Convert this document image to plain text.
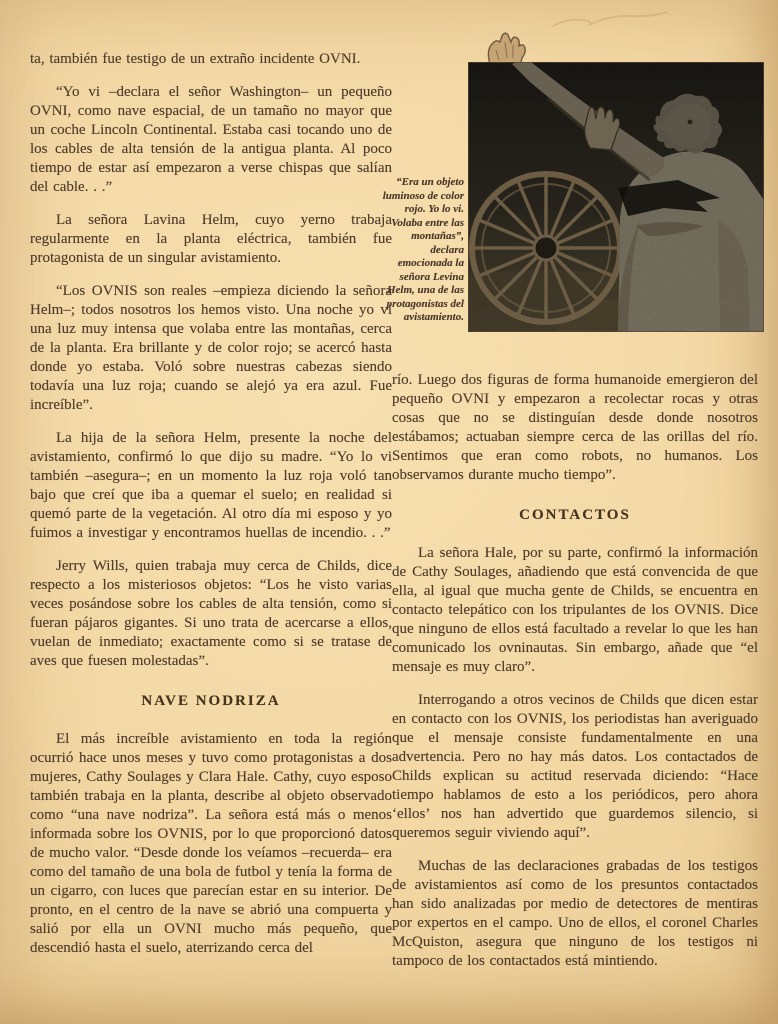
ta, también fue testigo de un extraño incidente OVNI.

“Yo vi –declara el señor Washington– un pequeño OVNI, como nave espacial, de un tamaño no mayor que un coche Lincoln Continental. Estaba casi tocando uno de los cables de alta tensión de la antigua planta. Al poco tiempo de estar así empezaron a verse chispas que salían del cable. . .”

La señora Lavina Helm, cuyo yerno trabaja regularmente en la planta eléctrica, también fue protagonista de un singular avistamiento.

“Los OVNIS son reales –empieza diciendo la señora Helm–; todos nosotros los hemos visto. Una noche yo vi una luz muy intensa que volaba entre las montañas, cerca de la planta. Era brillante y de color rojo; se acercó hasta donde yo estaba. Voló sobre nuestras cabezas siendo todavía una luz roja; cuando se alejó ya era azul. Fue increíble”.

La hija de la señora Helm, presente la noche del avistamiento, confirmó lo que dijo su madre. “Yo lo vi también –asegura–; en un momento la luz roja voló tan bajo que creí que iba a quemar el suelo; en realidad si quemó parte de la vegetación. Al otro día mi esposo y yo fuimos a investigar y encontramos huellas de incendio. . .”

Jerry Wills, quien trabaja muy cerca de Childs, dice respecto a los misteriosos objetos: “Los he visto varias veces posándose sobre los cables de alta tensión, como si fueran pájaros gigantes. Si uno trata de acercarse a ellos, vuelan de inmediato; exactamente como si se tratase de aves que fuesen molestadas”.

NAVE NODRIZA

El más increíble avistamiento en toda la región ocurrió hace unos meses y tuvo como protagonistas a dos mujeres, Cathy Soulages y Clara Hale. Cathy, cuyo esposo también trabaja en la planta, describe al objeto observado como “una nave nodriza”. La señora está más o menos informada sobre los OVNIS, por lo que proporcionó datos de mucho valor. “Desde donde los veíamos –recuerda– era como del tamaño de una bola de futbol y tenía la forma de un cigarro, con luces que parecían estar en su interior. De pronto, en el centro de la nave se abrió una compuerta y salió por ella un OVNI mucho más pequeño, que descendió hasta el suelo, aterrizando cerca del

“Era un objeto luminoso de color rojo. Yo lo vi. Volaba entre las montañas”, declara emocionada la señora Levina Helm, una de las protagonistas del avistamiento.

río. Luego dos figuras de forma humanoide emergieron del pequeño OVNI y empezaron a recolectar rocas y otras cosas que no se distinguían desde donde nosotros estábamos; actuaban siempre cerca de las orillas del río. Sentimos que eran como robots, no humanos. Los observamos durante mucho tiempo”.

CONTACTOS

La señora Hale, por su parte, confirmó la información de Cathy Soulages, añadiendo que está convencida de que ella, al igual que mucha gente de Childs, se encuentra en contacto telepático con los tripulantes de los OVNIS. Dice que ninguno de ellos está facultado a revelar lo que les han comunicado los ovninautas. Sin embargo, añade que “el mensaje es muy claro”.

Interrogando a otros vecinos de Childs que dicen estar en contacto con los OVNIS, los periodistas han averiguado que el mensaje consiste fundamentalmente en una advertencia. Pero no hay más datos. Los contactados de Childs explican su actitud reservada diciendo: “Hace tiempo hablamos de esto a los periódicos, pero ahora ‘ellos’ nos han advertido que guardemos silencio, si queremos seguir viviendo aquí”.

Muchas de las declaraciones grabadas de los testigos de avistamientos así como de los presuntos contactados han sido analizadas por medio de detectores de mentiras por expertos en el campo. Uno de ellos, el coronel Charles McQuiston, asegura que ninguno de los testigos ni tampoco de los contactados está mintiendo.
